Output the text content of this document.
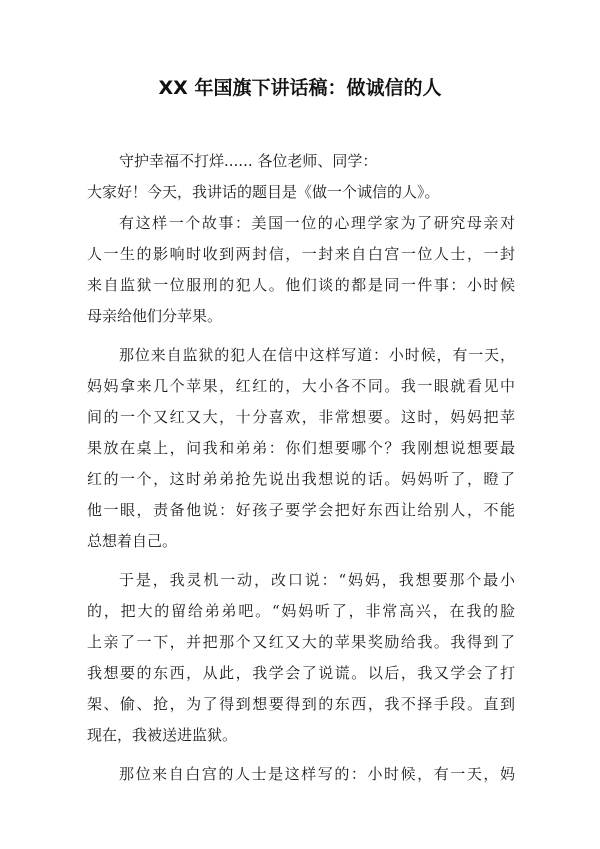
XX 年国旗下讲话稿：做诚信的人
守护幸福不打烊...... 各位老师、同学：
大家好！今天，我讲话的题目是《做一个诚信的人》。
有这样一个故事：美国一位的心理学家为了研究母亲对
人一生的影响时收到两封信，一封来自白宫一位人士，一封
来自监狱一位服刑的犯人。他们谈的都是同一件事：小时候
母亲给他们分苹果。
那位来自监狱的犯人在信中这样写道：小时候，有一天，
妈妈拿来几个苹果，红红的，大小各不同。我一眼就看见中
间的一个又红又大，十分喜欢，非常想要。这时，妈妈把苹
果放在桌上，问我和弟弟：你们想要哪个？我刚想说想要最
红的一个，这时弟弟抢先说出我想说的话。妈妈听了，瞪了
他一眼，责备他说：好孩子要学会把好东西让给别人，不能
总想着自己。
于是，我灵机一动，改口说：“妈妈，我想要那个最小
的，把大的留给弟弟吧。“妈妈听了，非常高兴，在我的脸
上亲了一下，并把那个又红又大的苹果奖励给我。我得到了
我想要的东西，从此，我学会了说谎。以后，我又学会了打
架、偷、抢，为了得到想要得到的东西，我不择手段。直到
现在，我被送进监狱。
那位来自白宫的人士是这样写的：小时候，有一天，妈
